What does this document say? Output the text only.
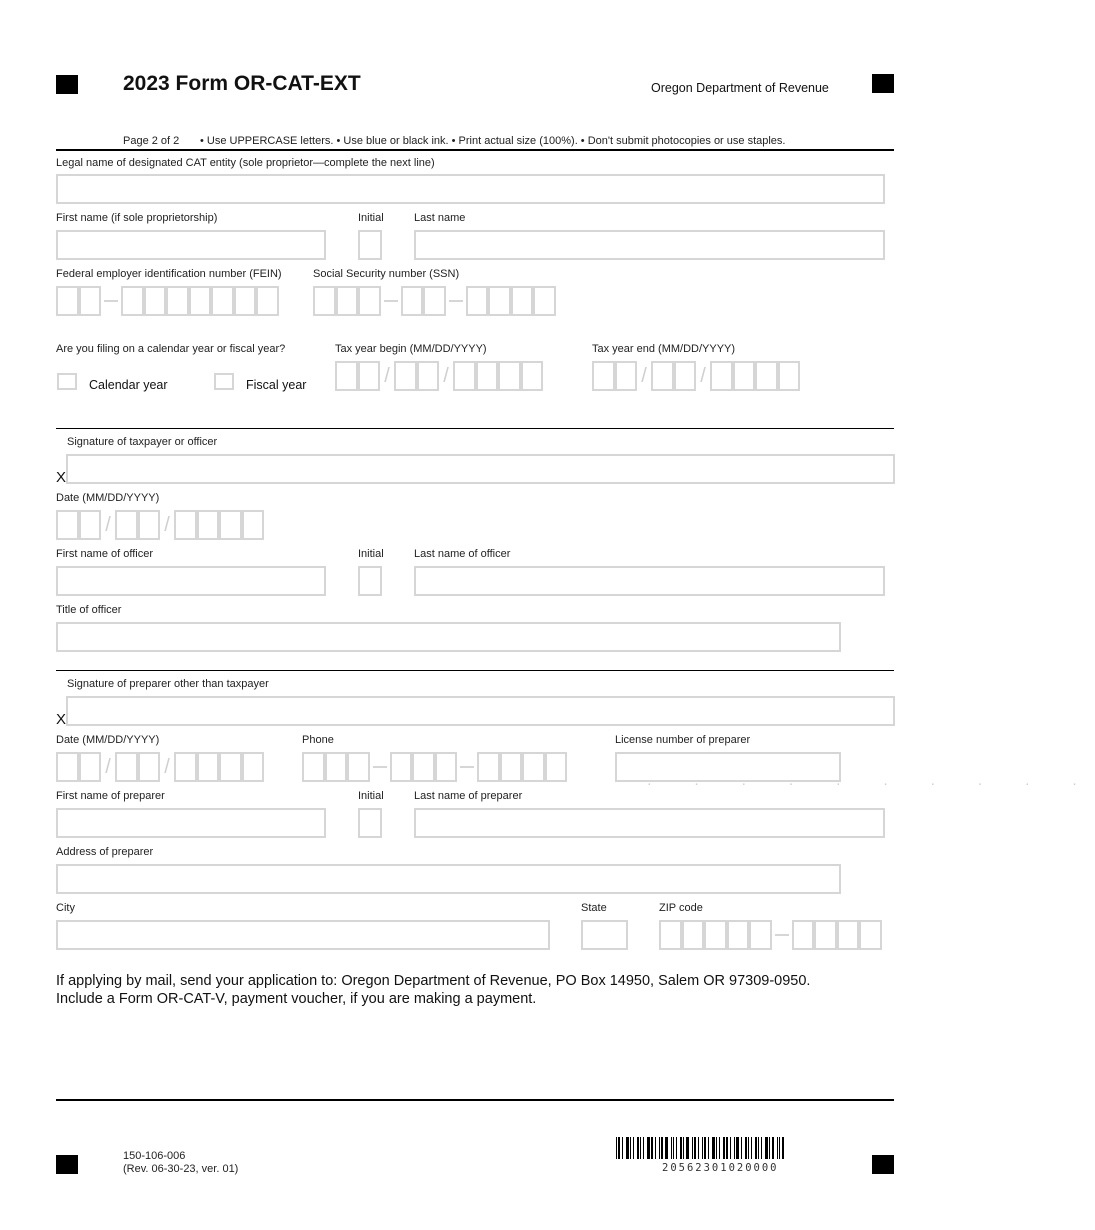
2023 Form OR-CAT-EXT	Oregon Department of Revenue
Page 2 of 2 • Use UPPERCASE letters. • Use blue or black ink. • Print actual size (100%). • Don't submit photocopies or use staples.
Legal name of designated CAT entity (sole proprietor—complete the next line)
First name (if sole proprietorship)	Initial	Last name
Federal employer identification number (FEIN)	Social Security number (SSN)
Are you filing on a calendar year or fiscal year?
Calendar year	Fiscal year
Tax year begin (MM/DD/YYYY)
/	/
Tax year end (MM/DD/YYYY)
/	/
Signature of taxpayer or officer
X
Date (MM/DD/YYYY)
/	/
First name of officer	Initial	Last name of officer
Title of officer
Signature of preparer other than taxpayer
X
Date (MM/DD/YYYY)	Phone	License number of preparer
/	/
. . . . . . . . . .
First name of preparer	Initial	Last name of preparer
Address of preparer
City	State	ZIP code
If applying by mail, send your application to: Oregon Department of Revenue, PO Box 14950, Salem OR 97309-0950.
Include a Form OR-CAT-V, payment voucher, if you are making a payment.
150-106-006
(Rev. 06-30-23, ver. 01)	20562301020000
